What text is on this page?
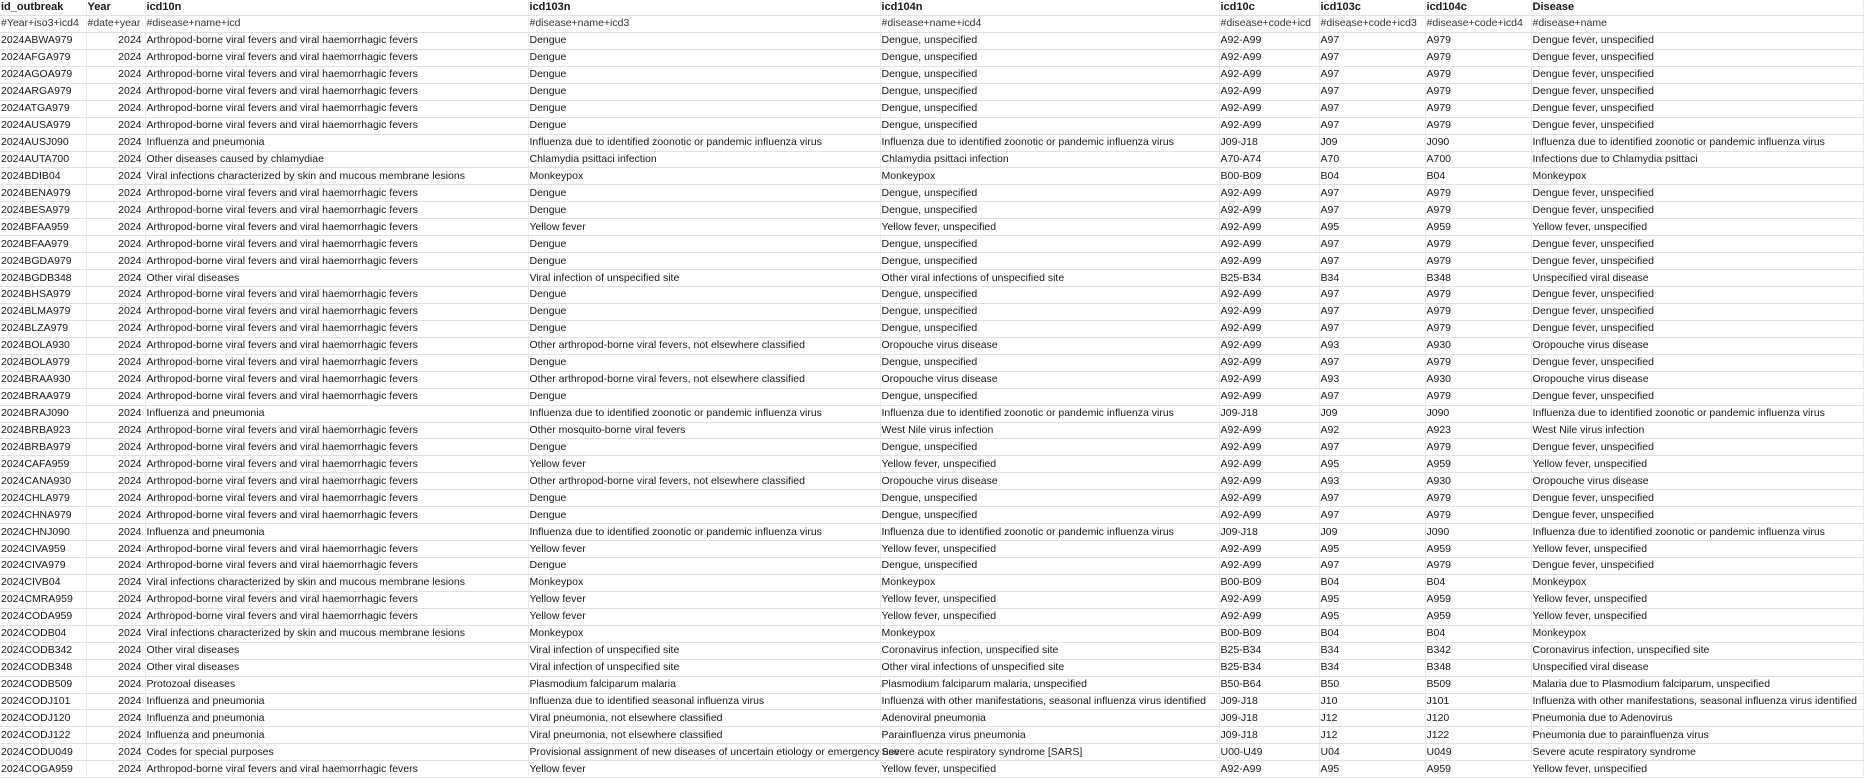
id_outbreak	Year	icd10n	icd103n	icd104n	icd10c	icd103c	icd104c	Disease
#Year+iso3+icd4	#date+year	#disease+name+icd	#disease+name+icd3	#disease+name+icd4	#disease+code+icd	#disease+code+icd3	#disease+code+icd4	#disease+name
2024ABWA979	2024	Arthropod-borne viral fevers and viral haemorrhagic fevers	Dengue	Dengue, unspecified	A92-A99	A97	A979	Dengue fever, unspecified
2024AFGA979	2024	Arthropod-borne viral fevers and viral haemorrhagic fevers	Dengue	Dengue, unspecified	A92-A99	A97	A979	Dengue fever, unspecified
2024AGOA979	2024	Arthropod-borne viral fevers and viral haemorrhagic fevers	Dengue	Dengue, unspecified	A92-A99	A97	A979	Dengue fever, unspecified
2024ARGA979	2024	Arthropod-borne viral fevers and viral haemorrhagic fevers	Dengue	Dengue, unspecified	A92-A99	A97	A979	Dengue fever, unspecified
2024ATGA979	2024	Arthropod-borne viral fevers and viral haemorrhagic fevers	Dengue	Dengue, unspecified	A92-A99	A97	A979	Dengue fever, unspecified
2024AUSA979	2024	Arthropod-borne viral fevers and viral haemorrhagic fevers	Dengue	Dengue, unspecified	A92-A99	A97	A979	Dengue fever, unspecified
2024AUSJ090	2024	Influenza and pneumonia	Influenza due to identified zoonotic or pandemic influenza virus	Influenza due to identified zoonotic or pandemic influenza virus	J09-J18	J09	J090	Influenza due to identified zoonotic or pandemic influenza virus
2024AUTA700	2024	Other diseases caused by chlamydiae	Chlamydia psittaci infection	Chlamydia psittaci infection	A70-A74	A70	A700	Infections due to Chlamydia psittaci
2024BDIB04	2024	Viral infections characterized by skin and mucous membrane lesions	Monkeypox	Monkeypox	B00-B09	B04	B04	Monkeypox
2024BENA979	2024	Arthropod-borne viral fevers and viral haemorrhagic fevers	Dengue	Dengue, unspecified	A92-A99	A97	A979	Dengue fever, unspecified
2024BESA979	2024	Arthropod-borne viral fevers and viral haemorrhagic fevers	Dengue	Dengue, unspecified	A92-A99	A97	A979	Dengue fever, unspecified
2024BFAA959	2024	Arthropod-borne viral fevers and viral haemorrhagic fevers	Yellow fever	Yellow fever, unspecified	A92-A99	A95	A959	Yellow fever, unspecified
2024BFAA979	2024	Arthropod-borne viral fevers and viral haemorrhagic fevers	Dengue	Dengue, unspecified	A92-A99	A97	A979	Dengue fever, unspecified
2024BGDA979	2024	Arthropod-borne viral fevers and viral haemorrhagic fevers	Dengue	Dengue, unspecified	A92-A99	A97	A979	Dengue fever, unspecified
2024BGDB348	2024	Other viral diseases	Viral infection of unspecified site	Other viral infections of unspecified site	B25-B34	B34	B348	Unspecified viral disease
2024BHSA979	2024	Arthropod-borne viral fevers and viral haemorrhagic fevers	Dengue	Dengue, unspecified	A92-A99	A97	A979	Dengue fever, unspecified
2024BLMA979	2024	Arthropod-borne viral fevers and viral haemorrhagic fevers	Dengue	Dengue, unspecified	A92-A99	A97	A979	Dengue fever, unspecified
2024BLZA979	2024	Arthropod-borne viral fevers and viral haemorrhagic fevers	Dengue	Dengue, unspecified	A92-A99	A97	A979	Dengue fever, unspecified
2024BOLA930	2024	Arthropod-borne viral fevers and viral haemorrhagic fevers	Other arthropod-borne viral fevers, not elsewhere classified	Oropouche virus disease	A92-A99	A93	A930	Oropouche virus disease
2024BOLA979	2024	Arthropod-borne viral fevers and viral haemorrhagic fevers	Dengue	Dengue, unspecified	A92-A99	A97	A979	Dengue fever, unspecified
2024BRAA930	2024	Arthropod-borne viral fevers and viral haemorrhagic fevers	Other arthropod-borne viral fevers, not elsewhere classified	Oropouche virus disease	A92-A99	A93	A930	Oropouche virus disease
2024BRAA979	2024	Arthropod-borne viral fevers and viral haemorrhagic fevers	Dengue	Dengue, unspecified	A92-A99	A97	A979	Dengue fever, unspecified
2024BRAJ090	2024	Influenza and pneumonia	Influenza due to identified zoonotic or pandemic influenza virus	Influenza due to identified zoonotic or pandemic influenza virus	J09-J18	J09	J090	Influenza due to identified zoonotic or pandemic influenza virus
2024BRBA923	2024	Arthropod-borne viral fevers and viral haemorrhagic fevers	Other mosquito-borne viral fevers	West Nile virus infection	A92-A99	A92	A923	West Nile virus infection
2024BRBA979	2024	Arthropod-borne viral fevers and viral haemorrhagic fevers	Dengue	Dengue, unspecified	A92-A99	A97	A979	Dengue fever, unspecified
2024CAFA959	2024	Arthropod-borne viral fevers and viral haemorrhagic fevers	Yellow fever	Yellow fever, unspecified	A92-A99	A95	A959	Yellow fever, unspecified
2024CANA930	2024	Arthropod-borne viral fevers and viral haemorrhagic fevers	Other arthropod-borne viral fevers, not elsewhere classified	Oropouche virus disease	A92-A99	A93	A930	Oropouche virus disease
2024CHLA979	2024	Arthropod-borne viral fevers and viral haemorrhagic fevers	Dengue	Dengue, unspecified	A92-A99	A97	A979	Dengue fever, unspecified
2024CHNA979	2024	Arthropod-borne viral fevers and viral haemorrhagic fevers	Dengue	Dengue, unspecified	A92-A99	A97	A979	Dengue fever, unspecified
2024CHNJ090	2024	Influenza and pneumonia	Influenza due to identified zoonotic or pandemic influenza virus	Influenza due to identified zoonotic or pandemic influenza virus	J09-J18	J09	J090	Influenza due to identified zoonotic or pandemic influenza virus
2024CIVA959	2024	Arthropod-borne viral fevers and viral haemorrhagic fevers	Yellow fever	Yellow fever, unspecified	A92-A99	A95	A959	Yellow fever, unspecified
2024CIVA979	2024	Arthropod-borne viral fevers and viral haemorrhagic fevers	Dengue	Dengue, unspecified	A92-A99	A97	A979	Dengue fever, unspecified
2024CIVB04	2024	Viral infections characterized by skin and mucous membrane lesions	Monkeypox	Monkeypox	B00-B09	B04	B04	Monkeypox
2024CMRA959	2024	Arthropod-borne viral fevers and viral haemorrhagic fevers	Yellow fever	Yellow fever, unspecified	A92-A99	A95	A959	Yellow fever, unspecified
2024CODA959	2024	Arthropod-borne viral fevers and viral haemorrhagic fevers	Yellow fever	Yellow fever, unspecified	A92-A99	A95	A959	Yellow fever, unspecified
2024CODB04	2024	Viral infections characterized by skin and mucous membrane lesions	Monkeypox	Monkeypox	B00-B09	B04	B04	Monkeypox
2024CODB342	2024	Other viral diseases	Viral infection of unspecified site	Coronavirus infection, unspecified site	B25-B34	B34	B342	Coronavirus infection, unspecified site
2024CODB348	2024	Other viral diseases	Viral infection of unspecified site	Other viral infections of unspecified site	B25-B34	B34	B348	Unspecified viral disease
2024CODB509	2024	Protozoal diseases	Plasmodium falciparum malaria	Plasmodium falciparum malaria, unspecified	B50-B64	B50	B509	Malaria due to Plasmodium falciparum, unspecified
2024CODJ101	2024	Influenza and pneumonia	Influenza due to identified seasonal influenza virus	Influenza with other manifestations, seasonal influenza virus identified	J09-J18	J10	J101	Influenza with other manifestations, seasonal influenza virus identified
2024CODJ120	2024	Influenza and pneumonia	Viral pneumonia, not elsewhere classified	Adenoviral pneumonia	J09-J18	J12	J120	Pneumonia due to Adenovirus
2024CODJ122	2024	Influenza and pneumonia	Viral pneumonia, not elsewhere classified	Parainfluenza virus pneumonia	J09-J18	J12	J122	Pneumonia due to parainfluenza virus
2024CODU049	2024	Codes for special purposes	Provisional assignment of new diseases of uncertain etiology or emergency use	Severe acute respiratory syndrome [SARS]	U00-U49	U04	U049	Severe acute respiratory syndrome
2024COGA959	2024	Arthropod-borne viral fevers and viral haemorrhagic fevers	Yellow fever	Yellow fever, unspecified	A92-A99	A95	A959	Yellow fever, unspecified
